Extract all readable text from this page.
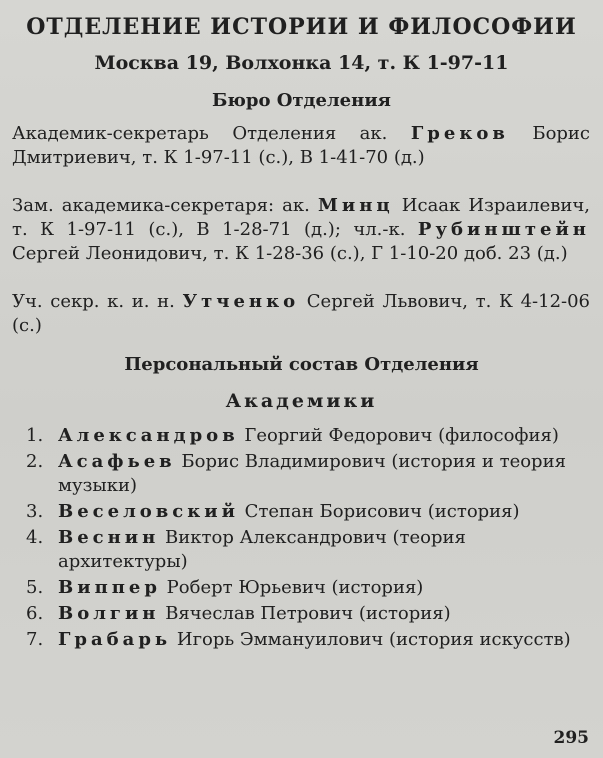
ОТДЕЛЕНИЕ ИСТОРИИ И ФИЛОСОФИИ
Москва 19, Волхонка 14, т. К 1-97-11
Бюро Отделения
Академик-секретарь Отделения ак. Греков Борис Дмитриевич, т. К 1-97-11 (с.), В 1-41-70 (д.)
Зам. академика-секретаря: ак. Минц Исаак Израилевич, т. К 1-97-11 (с.), В 1-28-71 (д.); чл.-к. Рубинштейн Сергей Леонидович, т. К 1-28-36 (с.), Г 1-10-20 доб. 23 (д.)
Уч. секр. к. и. н. Утченко Сергей Львович, т. К 4-12-06 (с.)
Персональный состав Отделения
Академики
1. Александров Георгий Федорович (философия)
2. Асафьев Борис Владимирович (история и теория музыки)
3. Веселовский Степан Борисович (история)
4. Веснин Виктор Александрович (теория архитектуры)
5. Виппер Роберт Юрьевич (история)
6. Волгин Вячеслав Петрович (история)
7. Грабарь Игорь Эммануилович (история искусств)
295
